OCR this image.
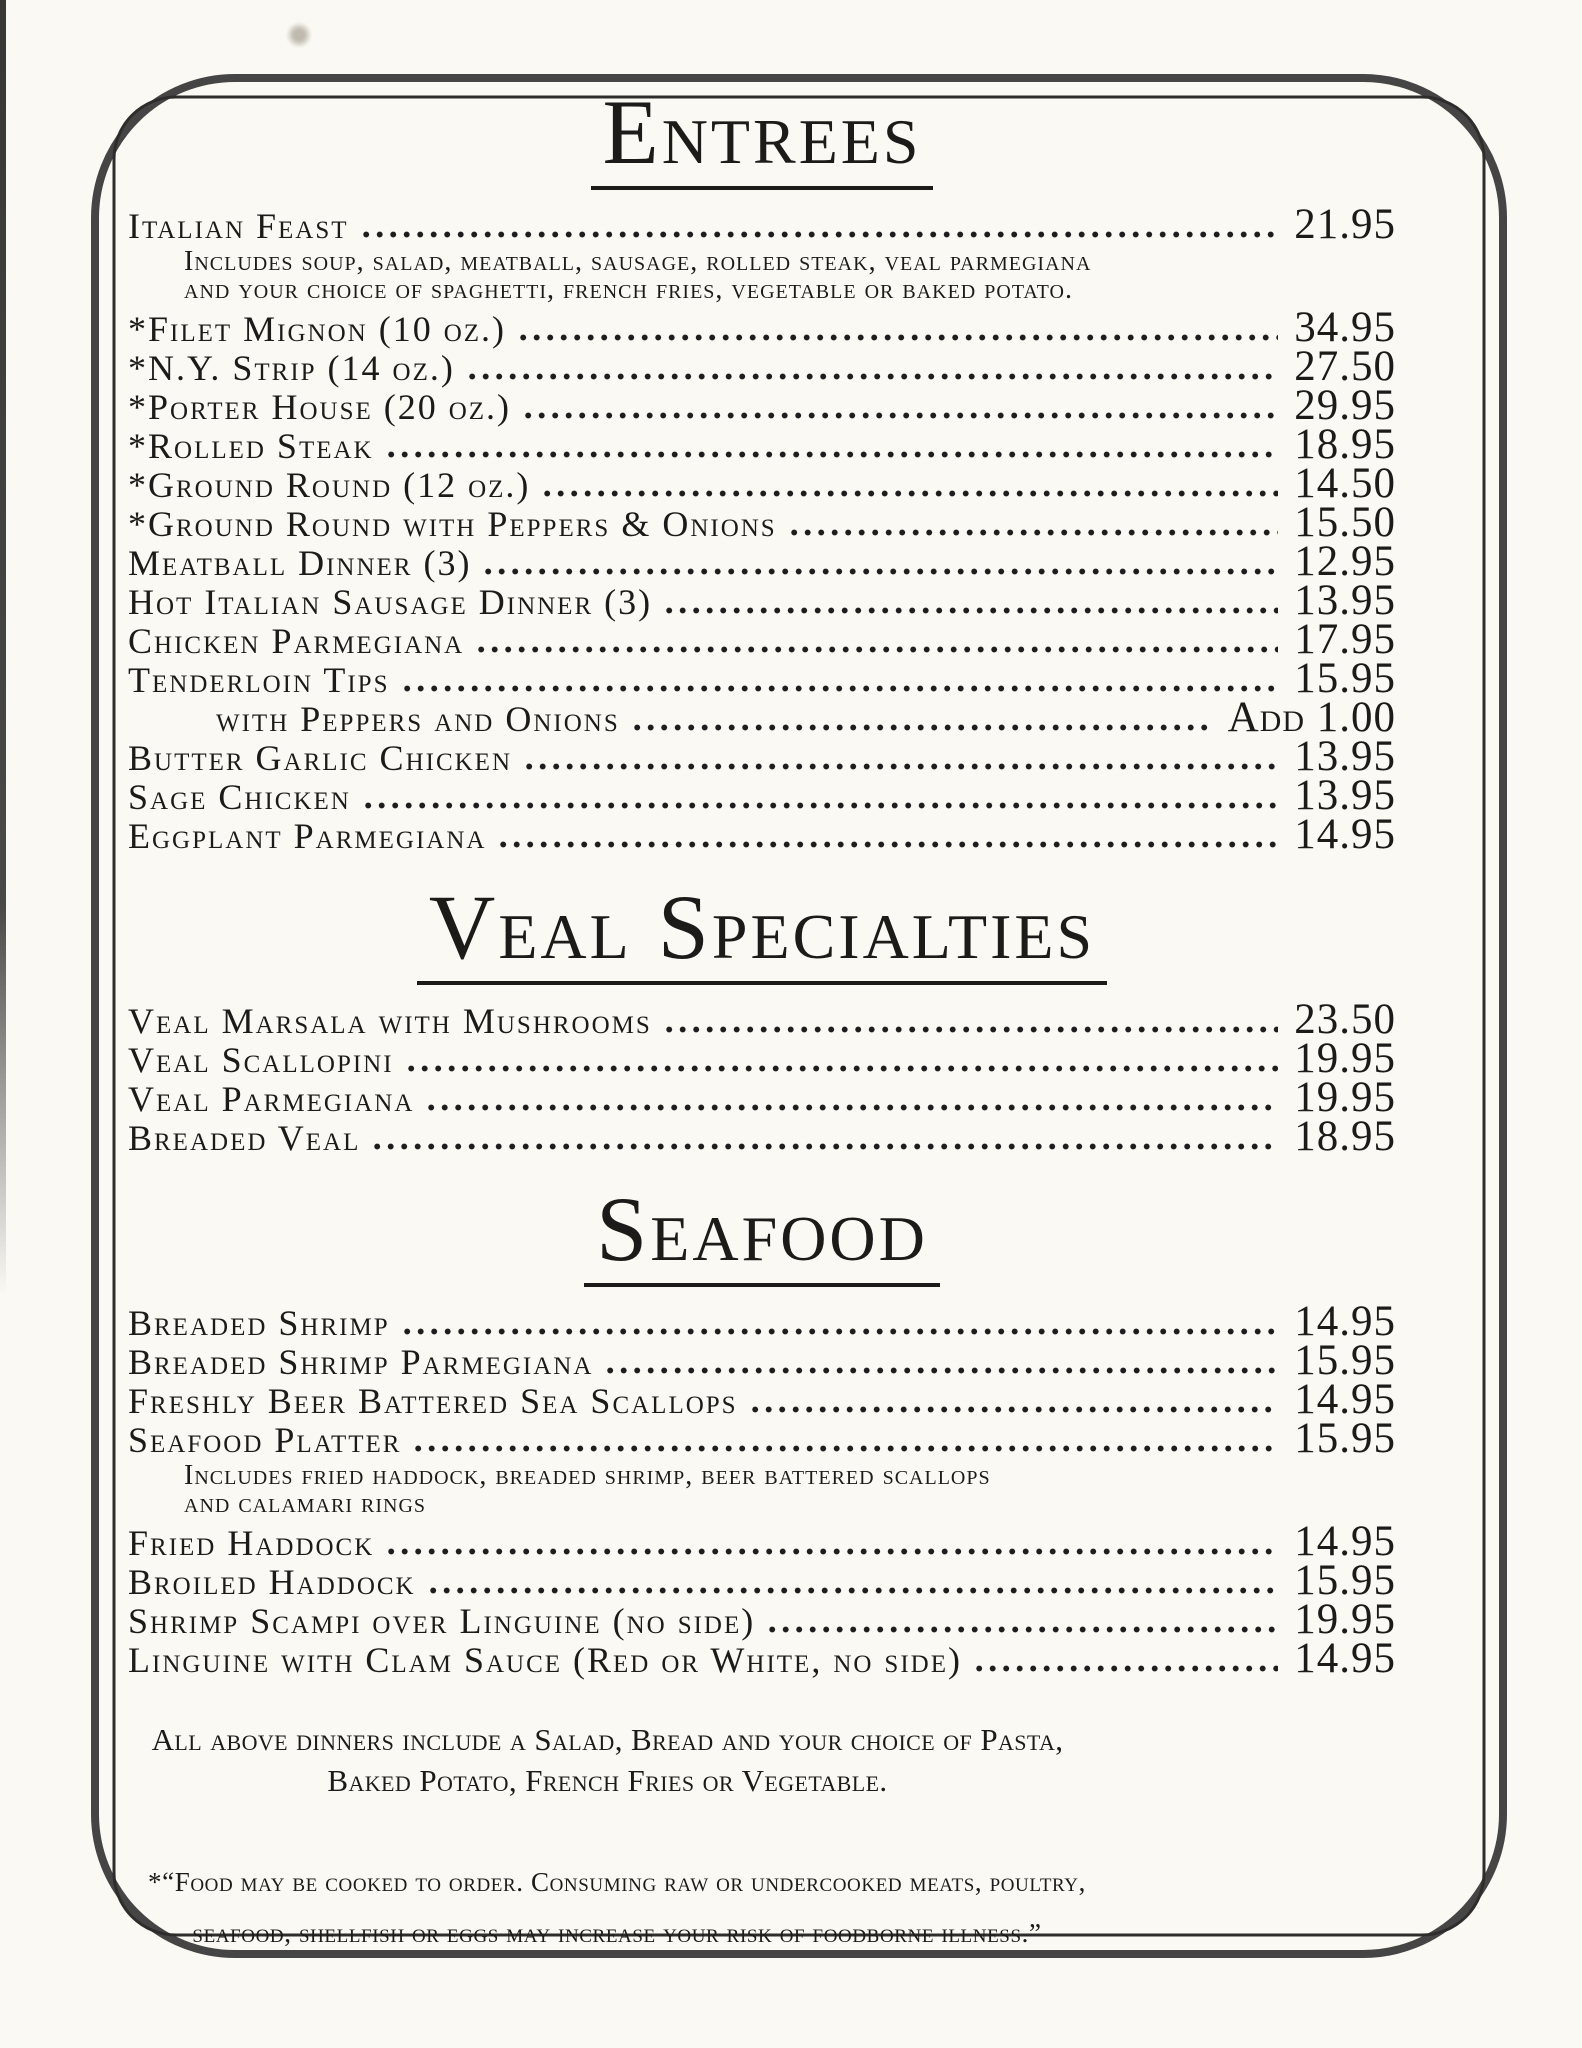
Entrees
Italian Feast	21.95
Includes soup, salad, meatball, sausage, rolled steak, veal parmegiana
and your choice of spaghetti, french fries, vegetable or baked potato.
*Filet Mignon (10 oz.)	34.95
*N.Y. Strip (14 oz.)	27.50
*Porter House (20 oz.)	29.95
*Rolled Steak	18.95
*Ground Round (12 oz.)	14.50
*Ground Round with Peppers & Onions	15.50
Meatball Dinner (3)	12.95
Hot Italian Sausage Dinner (3)	13.95
Chicken Parmegiana	17.95
Tenderloin Tips	15.95
with Peppers and Onions	Add 1.00
Butter Garlic Chicken	13.95
Sage Chicken	13.95
Eggplant Parmegiana	14.95
Veal Specialties
Veal Marsala with Mushrooms	23.50
Veal Scallopini	19.95
Veal Parmegiana	19.95
Breaded Veal	18.95
Seafood
Breaded Shrimp	14.95
Breaded Shrimp Parmegiana	15.95
Freshly Beer Battered Sea Scallops	14.95
Seafood Platter	15.95
Includes fried haddock, breaded shrimp, beer battered scallops
and calamari rings
Fried Haddock	14.95
Broiled Haddock	15.95
Shrimp Scampi over Linguine (no side)	19.95
Linguine with Clam Sauce (Red or White, no side)	14.95
All above dinners include a Salad, Bread and your choice of Pasta,
Baked Potato, French Fries or Vegetable.
*“Food may be cooked to order. Consuming raw or undercooked meats, poultry,
seafood, shellfish or eggs may increase your risk of foodborne illness.”
